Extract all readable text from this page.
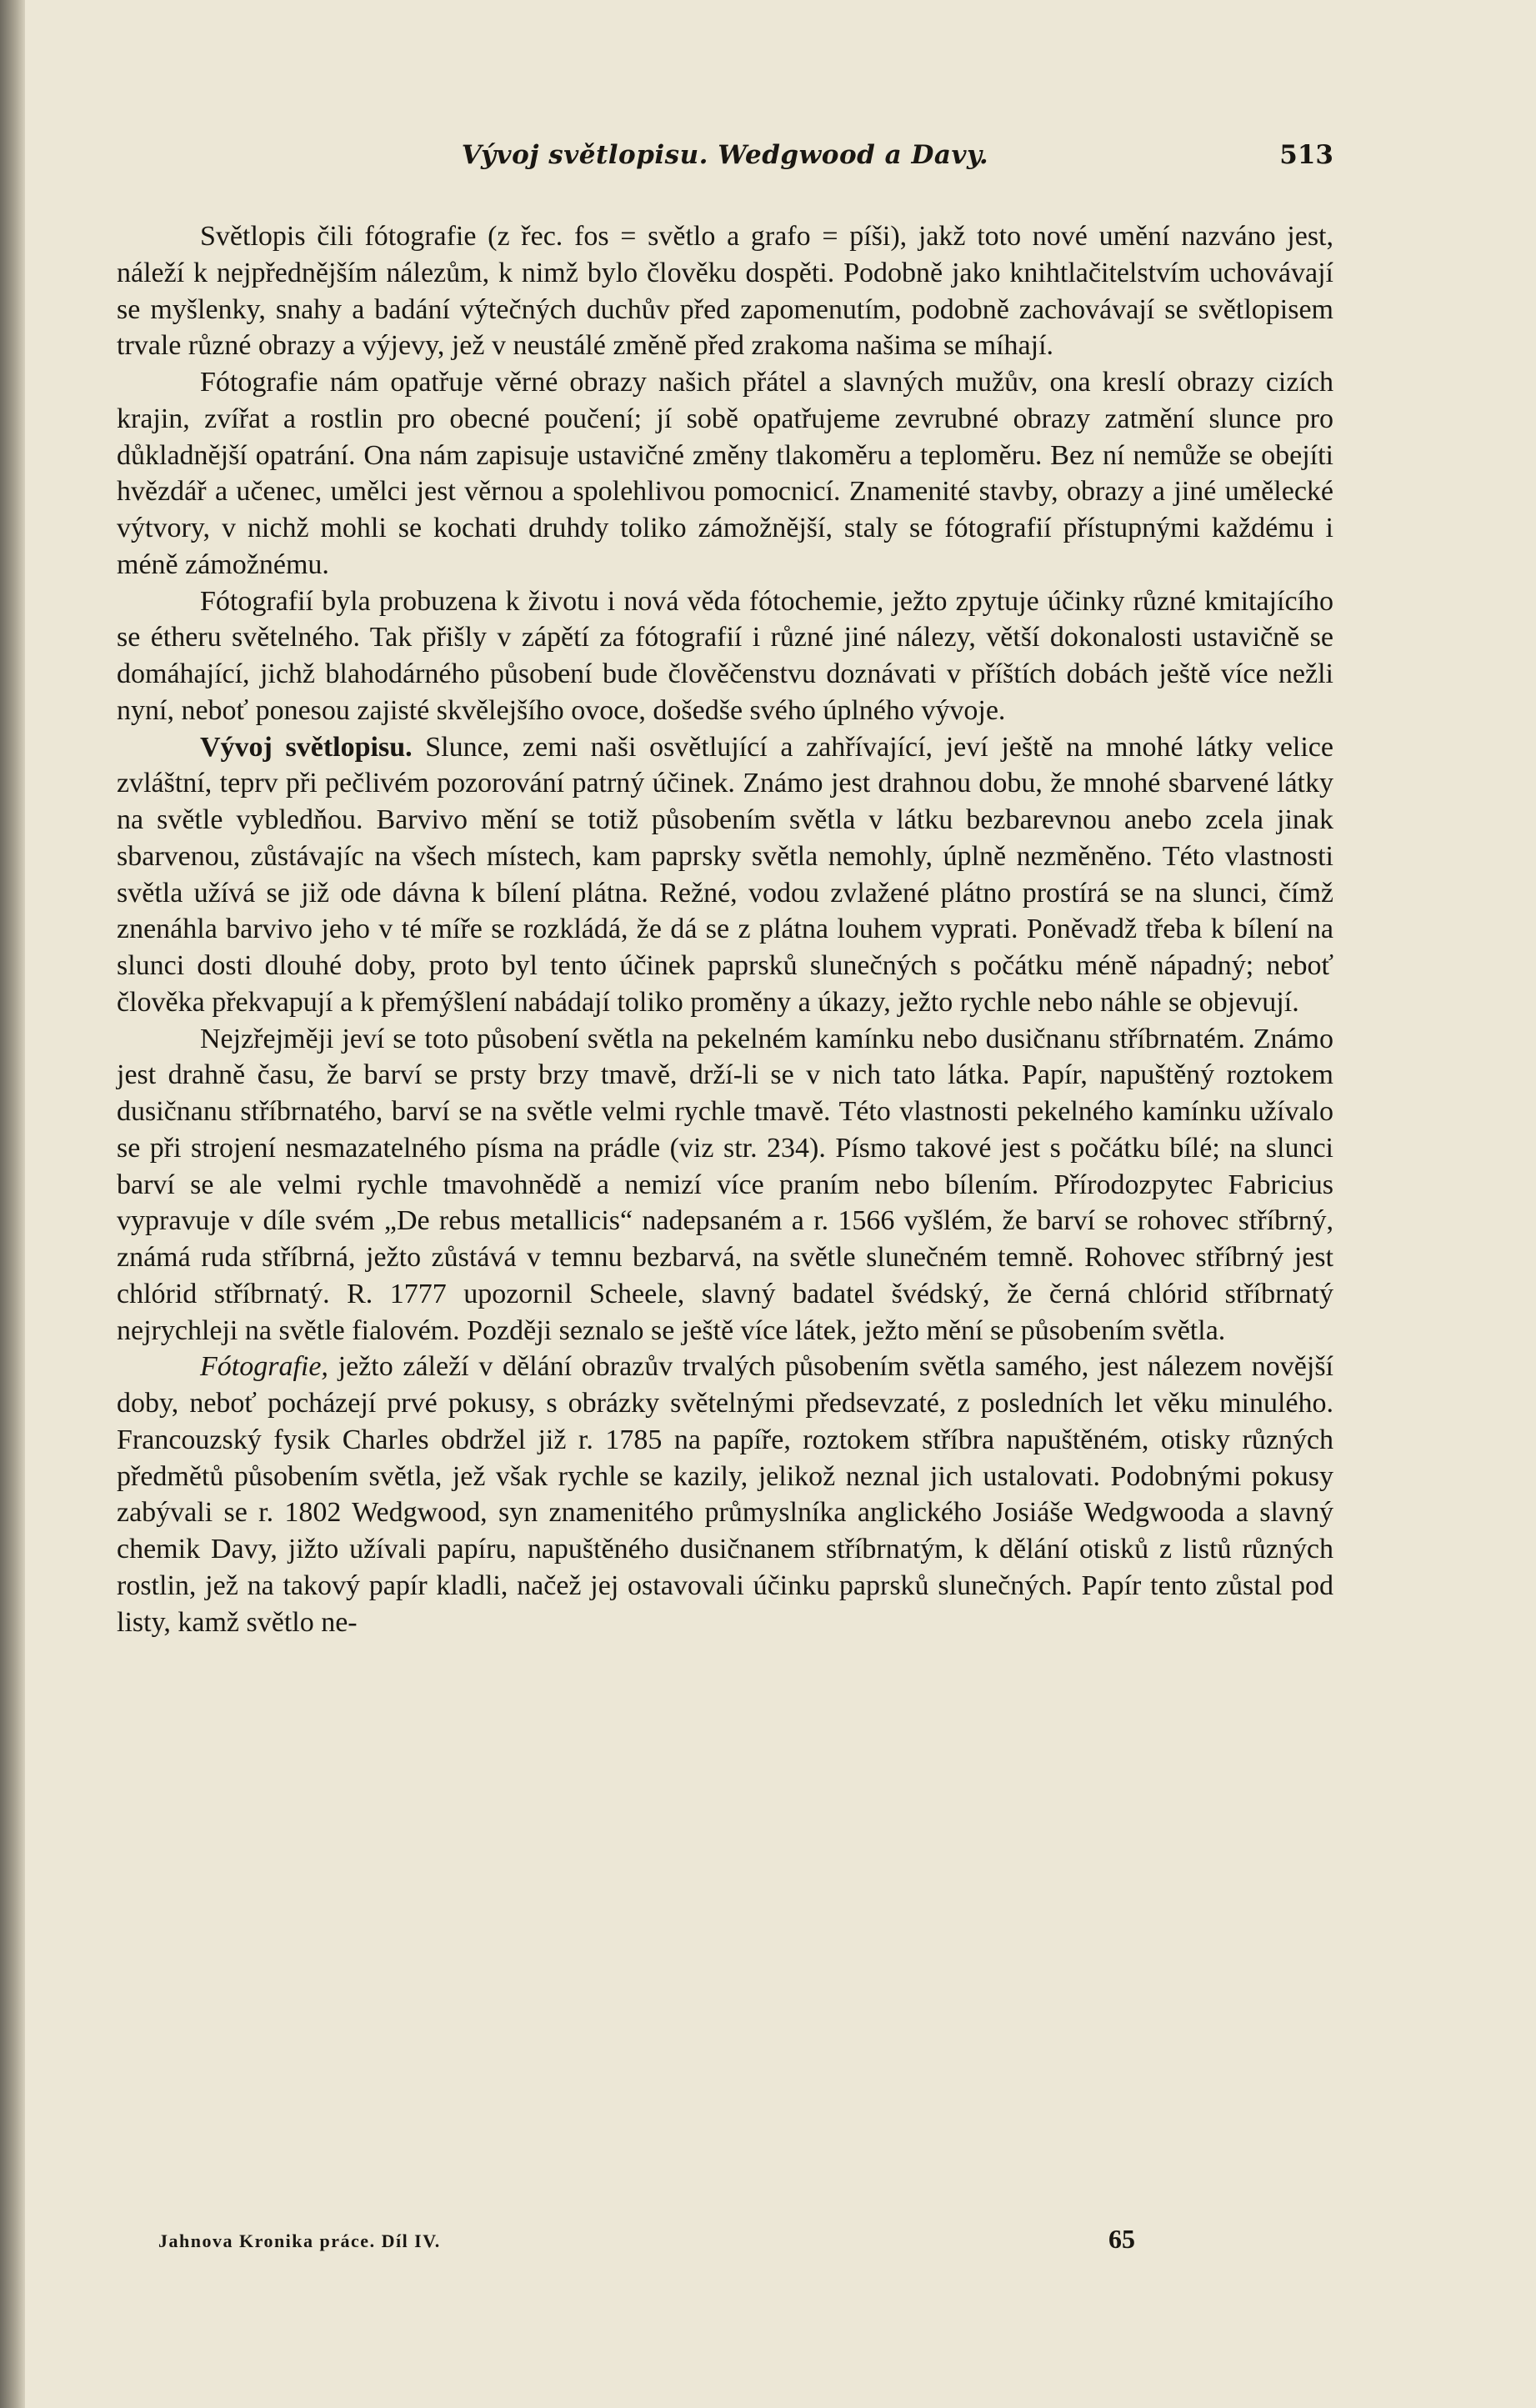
Vývoj světlopisu. Wedgwood a Davy.	513

Světlopis čili fótografie (z řec. fos = světlo a grafo = píši), jakž toto nové umění nazváno jest, náleží k nejpřednějším nálezům, k nimž bylo člověku dospěti. Podobně jako knihtlačitelstvím uchovávají se myšlenky, snahy a badání výtečných duchův před zapomenutím, podobně zachovávají se světlopisem trvale různé obrazy a výjevy, jež v neustálé změně před zrakoma našima se míhají.

Fótografie nám opatřuje věrné obrazy našich přátel a slavných mužův, ona kreslí obrazy cizích krajin, zvířat a rostlin pro obecné poučení; jí sobě opatřujeme zevrubné obrazy zatmění slunce pro důkladnější opatrání. Ona nám zapisuje ustavičné změny tlakoměru a teploměru. Bez ní nemůže se obejíti hvězdář a učenec, umělci jest věrnou a spolehlivou pomocnicí. Znamenité stavby, obrazy a jiné umělecké výtvory, v nichž mohli se kochati druhdy toliko zámožnější, staly se fótografií přístupnými každému i méně zámožnému.

Fótografií byla probuzena k životu i nová věda fótochemie, ježto zpytuje účinky různé kmitajícího se étheru světelného. Tak přišly v zápětí za fótografií i různé jiné nálezy, větší dokonalosti ustavičně se domáhající, jichž blahodárného působení bude člověčenstvu doznávati v příštích dobách ještě více nežli nyní, neboť ponesou zajisté skvělejšího ovoce, došedše svého úplného vývoje.

Vývoj světlopisu. Slunce, zemi naši osvětlující a zahřívající, jeví ještě na mnohé látky velice zvláštní, teprv při pečlivém pozorování patrný účinek. Známo jest drahnou dobu, že mnohé sbarvené látky na světle vybledňou. Barvivo mění se totiž působením světla v látku bezbarevnou anebo zcela jinak sbarvenou, zůstávajíc na všech místech, kam paprsky světla nemohly, úplně nezměněno. Této vlastnosti světla užívá se již ode dávna k bílení plátna. Režné, vodou zvlažené plátno prostírá se na slunci, čímž znenáhla barvivo jeho v té míře se rozkládá, že dá se z plátna louhem vyprati. Poněvadž třeba k bílení na slunci dosti dlouhé doby, proto byl tento účinek paprsků slunečných s počátku méně nápadný; neboť člověka překvapují a k přemýšlení nabádají toliko proměny a úkazy, ježto rychle nebo náhle se objevují.

Nejzřejměji jeví se toto působení světla na pekelném kamínku nebo dusičnanu stříbrnatém. Známo jest drahně času, že barví se prsty brzy tmavě, drží-li se v nich tato látka. Papír, napuštěný roztokem dusičnanu stříbrnatého, barví se na světle velmi rychle tmavě. Této vlastnosti pekelného kamínku užívalo se při strojení nesmazatelného písma na prádle (viz str. 234). Písmo takové jest s počátku bílé; na slunci barví se ale velmi rychle tmavohnědě a nemizí více praním nebo bílením. Přírodozpytec Fabricius vypravuje v díle svém „De rebus metallicis“ nadepsaném a r. 1566 vyšlém, že barví se rohovec stříbrný, známá ruda stříbrná, ježto zůstává v temnu bezbarvá, na světle slunečném temně. Rohovec stříbrný jest chlórid stříbrnatý. R. 1777 upozornil Scheele, slavný badatel švédský, že černá chlórid stříbrnatý nejrychleji na světle fialovém. Později seznalo se ještě více látek, ježto mění se působením světla.

Fótografie, ježto záleží v dělání obrazův trvalých působením světla samého, jest nálezem novější doby, neboť pocházejí prvé pokusy, s obrázky světelnými předsevzaté, z posledních let věku minulého. Francouzský fysik Charles obdržel již r. 1785 na papíře, roztokem stříbra napuštěném, otisky různých předmětů působením světla, jež však rychle se kazily, jelikož neznal jich ustalovati. Podobnými pokusy zabývali se r. 1802 Wedgwood, syn znamenitého průmyslníka anglického Josiáše Wedgwooda a slavný chemik Davy, jižto užívali papíru, napuštěného dusičnanem stříbrnatým, k dělání otisků z listů různých rostlin, jež na takový papír kladli, načež jej ostavovali účinku paprsků slunečných. Papír tento zůstal pod listy, kamž světlo ne-

Jahnova Kronika práce. Díl IV.	65
